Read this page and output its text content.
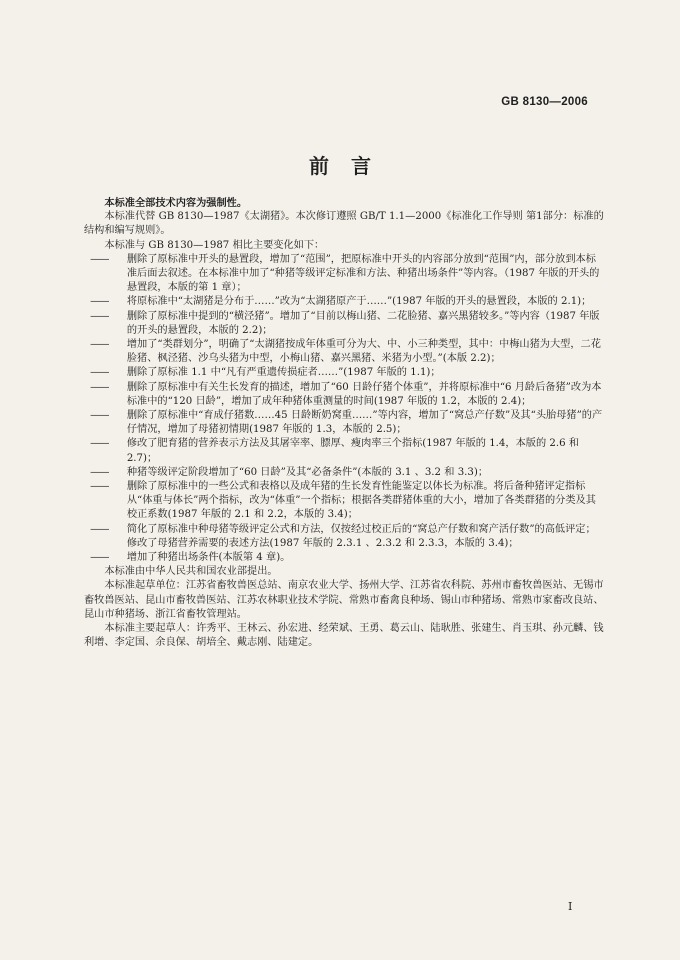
GB 8130—2006
前言

本标准全部技术内容为强制性。

本标准代替 GB 8130—1987《太湖猪》。本次修订遵照 GB/T 1.1—2000《标准化工作导则 第1部分：标准的结构和编写规则》。

本标准与 GB 8130—1987 相比主要变化如下：

——	删除了原标准中开头的悬置段，增加了“范围”，把原标准中开头的内容部分放到“范围”内，部分放到本标准后面去叙述。在本标准中加了“种猪等级评定标准和方法、种猪出场条件”等内容。（1987 年版的开头的悬置段，本版的第 1 章）；
——	将原标准中“太湖猪是分布于……”改为“太湖猪原产于……”(1987 年版的开头的悬置段，本版的 2.1)；
——	删除了原标准中提到的“横泾猪”。增加了“目前以梅山猪、二花脸猪、嘉兴黑猪较多。”等内容（1987 年版的开头的悬置段，本版的 2.2)；
——	增加了“类群划分”，明确了“太湖猪按成年体重可分为大、中、小三种类型，其中：中梅山猪为大型，二花脸猪、枫泾猪、沙乌头猪为中型，小梅山猪、嘉兴黑猪、米猪为小型。”(本版 2.2)；
——	删除了原标准 1.1 中“凡有严重遗传损症者……”(1987 年版的 1.1)；
——	删除了原标准中有关生长发育的描述，增加了“60 日龄仔猪个体重”，并将原标准中“6 月龄后备猪”改为本标准中的“120 日龄”，增加了成年种猪体重测量的时间(1987 年版的 1.2，本版的 2.4)；
——	删除了原标准中“育成仔猪数……45 日龄断奶窝重……”等内容，增加了“窝总产仔数”及其“头胎母猪”的产仔情况，增加了母猪初情期(1987 年版的 1.3，本版的 2.5)；
——	修改了肥育猪的营养表示方法及其屠宰率、膘厚、瘦肉率三个指标(1987 年版的 1.4，本版的 2.6 和 2.7)；
——	种猪等级评定阶段增加了“60 日龄”及其“必备条件”(本版的 3.1 、3.2 和 3.3)；
——	删除了原标准中的一些公式和表格以及成年猪的生长发育性能鉴定以体长为标准。将后备种猪评定指标从“体重与体长”两个指标，改为“体重”一个指标；根据各类群猪体重的大小，增加了各类群猪的分类及其校正系数(1987 年版的 2.1 和 2.2，本版的 3.4)；
——	简化了原标准中种母猪等级评定公式和方法，仅按经过校正后的“窝总产仔数和窝产活仔数”的高低评定；修改了母猪营养需要的表述方法(1987 年版的 2.3.1 、2.3.2 和 2.3.3，本版的 3.4)；
——	增加了种猪出场条件(本版第 4 章)。

本标准由中华人民共和国农业部提出。

本标准起草单位：江苏省畜牧兽医总站、南京农业大学、扬州大学、江苏省农科院、苏州市畜牧兽医站、无锡市畜牧兽医站、昆山市畜牧兽医站、江苏农林职业技术学院、常熟市畜禽良种场、锡山市种猪场、常熟市家畜改良站、昆山市种猪场、浙江省畜牧管理站。

本标准主要起草人：许秀平、王林云、孙宏进、经荣斌、王勇、葛云山、陆耿胜、张建生、肖玉琪、孙元麟、钱利增、李定国、余良保、胡培全、戴志刚、陆建定。

I
